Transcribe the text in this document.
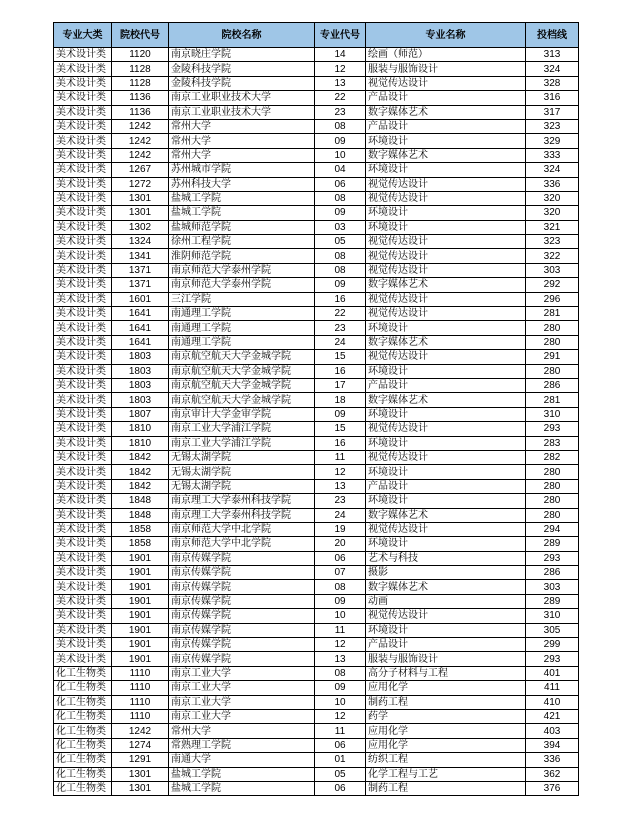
专业大类	院校代号	院校名称	专业代号	专业名称	投档线
美术设计类	1120	南京晓庄学院	14	绘画（师范）	313
美术设计类	1128	金陵科技学院	12	服装与服饰设计	324
美术设计类	1128	金陵科技学院	13	视觉传达设计	328
美术设计类	1136	南京工业职业技术大学	22	产品设计	316
美术设计类	1136	南京工业职业技术大学	23	数字媒体艺术	317
美术设计类	1242	常州大学	08	产品设计	323
美术设计类	1242	常州大学	09	环境设计	329
美术设计类	1242	常州大学	10	数字媒体艺术	333
美术设计类	1267	苏州城市学院	04	环境设计	324
美术设计类	1272	苏州科技大学	06	视觉传达设计	336
美术设计类	1301	盐城工学院	08	视觉传达设计	320
美术设计类	1301	盐城工学院	09	环境设计	320
美术设计类	1302	盐城师范学院	03	环境设计	321
美术设计类	1324	徐州工程学院	05	视觉传达设计	323
美术设计类	1341	淮阴师范学院	08	视觉传达设计	322
美术设计类	1371	南京师范大学泰州学院	08	视觉传达设计	303
美术设计类	1371	南京师范大学泰州学院	09	数字媒体艺术	292
美术设计类	1601	三江学院	16	视觉传达设计	296
美术设计类	1641	南通理工学院	22	视觉传达设计	281
美术设计类	1641	南通理工学院	23	环境设计	280
美术设计类	1641	南通理工学院	24	数字媒体艺术	280
美术设计类	1803	南京航空航天大学金城学院	15	视觉传达设计	291
美术设计类	1803	南京航空航天大学金城学院	16	环境设计	280
美术设计类	1803	南京航空航天大学金城学院	17	产品设计	286
美术设计类	1803	南京航空航天大学金城学院	18	数字媒体艺术	281
美术设计类	1807	南京审计大学金审学院	09	环境设计	310
美术设计类	1810	南京工业大学浦江学院	15	视觉传达设计	293
美术设计类	1810	南京工业大学浦江学院	16	环境设计	283
美术设计类	1842	无锡太湖学院	11	视觉传达设计	282
美术设计类	1842	无锡太湖学院	12	环境设计	280
美术设计类	1842	无锡太湖学院	13	产品设计	280
美术设计类	1848	南京理工大学泰州科技学院	23	环境设计	280
美术设计类	1848	南京理工大学泰州科技学院	24	数字媒体艺术	280
美术设计类	1858	南京师范大学中北学院	19	视觉传达设计	294
美术设计类	1858	南京师范大学中北学院	20	环境设计	289
美术设计类	1901	南京传媒学院	06	艺术与科技	293
美术设计类	1901	南京传媒学院	07	摄影	286
美术设计类	1901	南京传媒学院	08	数字媒体艺术	303
美术设计类	1901	南京传媒学院	09	动画	289
美术设计类	1901	南京传媒学院	10	视觉传达设计	310
美术设计类	1901	南京传媒学院	11	环境设计	305
美术设计类	1901	南京传媒学院	12	产品设计	299
美术设计类	1901	南京传媒学院	13	服装与服饰设计	293
化工生物类	1110	南京工业大学	08	高分子材料与工程	401
化工生物类	1110	南京工业大学	09	应用化学	411
化工生物类	1110	南京工业大学	10	制药工程	410
化工生物类	1110	南京工业大学	12	药学	421
化工生物类	1242	常州大学	11	应用化学	403
化工生物类	1274	常熟理工学院	06	应用化学	394
化工生物类	1291	南通大学	01	纺织工程	336
化工生物类	1301	盐城工学院	05	化学工程与工艺	362
化工生物类	1301	盐城工学院	06	制药工程	376
